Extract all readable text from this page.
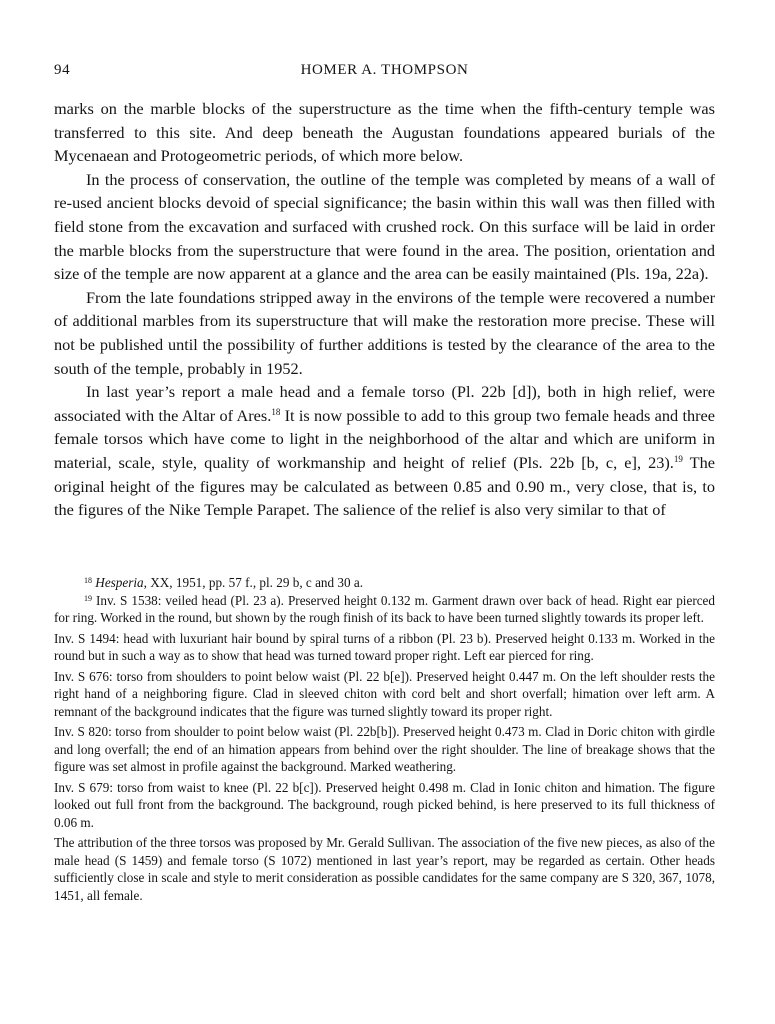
94	HOMER A. THOMPSON

marks on the marble blocks of the superstructure as the time when the fifth-century temple was transferred to this site. And deep beneath the Augustan foundations appeared burials of the Mycenaean and Protogeometric periods, of which more below.

In the process of conservation, the outline of the temple was completed by means of a wall of re-used ancient blocks devoid of special significance; the basin within this wall was then filled with field stone from the excavation and surfaced with crushed rock. On this surface will be laid in order the marble blocks from the superstructure that were found in the area. The position, orientation and size of the temple are now apparent at a glance and the area can be easily maintained (Pls. 19a, 22a).

From the late foundations stripped away in the environs of the temple were recovered a number of additional marbles from its superstructure that will make the restoration more precise. These will not be published until the possibility of further additions is tested by the clearance of the area to the south of the temple, probably in 1952.

In last year’s report a male head and a female torso (Pl. 22b [d]), both in high relief, were associated with the Altar of Ares.$^{18}$ It is now possible to add to this group two female heads and three female torsos which have come to light in the neighborhood of the altar and which are uniform in material, scale, style, quality of workmanship and height of relief (Pls. 22b [b, c, e], 23).$^{19}$ The original height of the figures may be calculated as between 0.85 and 0.90 m., very close, that is, to the figures of the Nike Temple Parapet. The salience of the relief is also very similar to that of

$^{18}$ Hesperia, XX, 1951, pp. 57 f., pl. 29 b, c and 30 a.

$^{19}$ Inv. S 1538: veiled head (Pl. 23 a). Preserved height 0.132 m. Garment drawn over back of head. Right ear pierced for ring. Worked in the round, but shown by the rough finish of its back to have been turned slightly towards its proper left.

Inv. S 1494: head with luxuriant hair bound by spiral turns of a ribbon (Pl. 23 b). Preserved height 0.133 m. Worked in the round but in such a way as to show that head was turned toward proper right. Left ear pierced for ring.

Inv. S 676: torso from shoulders to point below waist (Pl. 22 b[e]). Preserved height 0.447 m. On the left shoulder rests the right hand of a neighboring figure. Clad in sleeved chiton with cord belt and short overfall; himation over left arm. A remnant of the background indicates that the figure was turned slightly toward its proper right.

Inv. S 820: torso from shoulder to point below waist (Pl. 22b[b]). Preserved height 0.473 m. Clad in Doric chiton with girdle and long overfall; the end of an himation appears from behind over the right shoulder. The line of breakage shows that the figure was set almost in profile against the background. Marked weathering.

Inv. S 679: torso from waist to knee (Pl. 22 b[c]). Preserved height 0.498 m. Clad in Ionic chiton and himation. The figure looked out full front from the background. The background, rough picked behind, is here preserved to its full thickness of 0.06 m.

The attribution of the three torsos was proposed by Mr. Gerald Sullivan. The association of the five new pieces, as also of the male head (S 1459) and female torso (S 1072) mentioned in last year’s report, may be regarded as certain. Other heads sufficiently close in scale and style to merit consideration as possible candidates for the same company are S 320, 367, 1078, 1451, all female.
